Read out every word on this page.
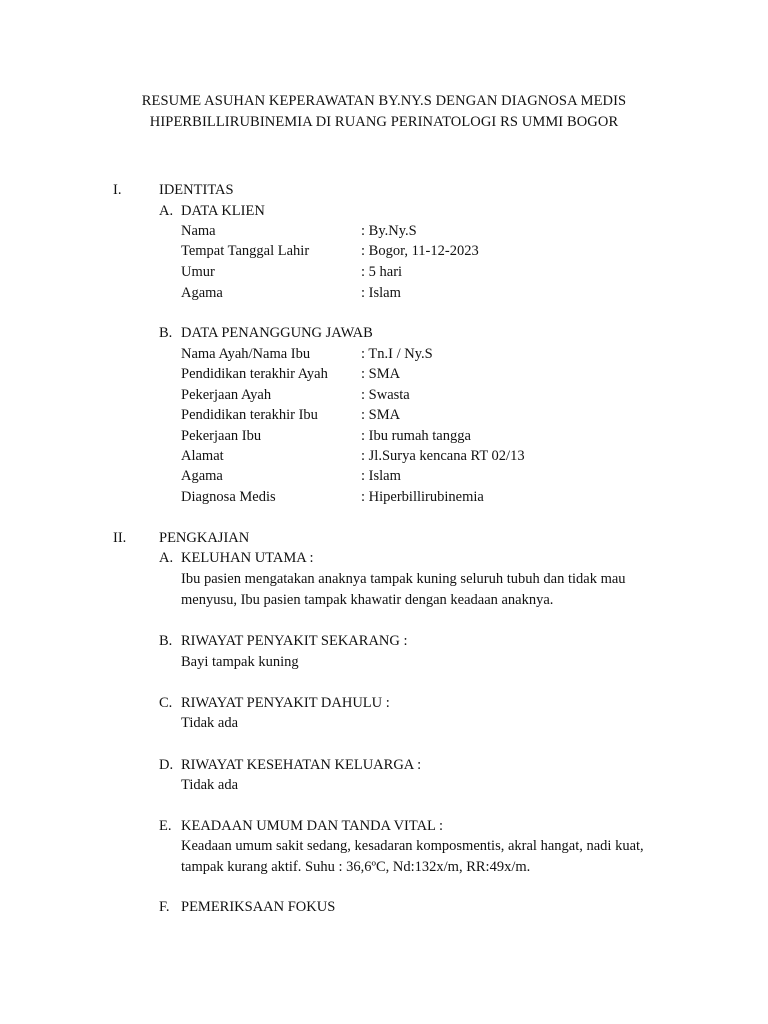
RESUME ASUHAN KEPERAWATAN BY.NY.S DENGAN DIAGNOSA MEDIS
HIPERBILLIRUBINEMIA DI RUANG PERINATOLOGI RS UMMI BOGOR
I.	IDENTITAS
A. DATA KLIEN
Nama	: By.Ny.S
Tempat Tanggal Lahir	: Bogor, 11-12-2023
Umur	: 5 hari
Agama	: Islam
B. DATA PENANGGUNG JAWAB
Nama Ayah/Nama Ibu	: Tn.I / Ny.S
Pendidikan terakhir Ayah : SMA
Pekerjaan Ayah	: Swasta
Pendidikan terakhir Ibu	: SMA
Pekerjaan Ibu	: Ibu rumah tangga
Alamat	: Jl.Surya kencana RT 02/13
Agama	: Islam
Diagnosa Medis	: Hiperbillirubinemia
II. PENGKAJIAN
A. KELUHAN UTAMA :
Ibu pasien mengatakan anaknya tampak kuning seluruh tubuh dan tidak mau menyusu, Ibu pasien tampak khawatir dengan keadaan anaknya.
B. RIWAYAT PENYAKIT SEKARANG :
Bayi tampak kuning
C. RIWAYAT PENYAKIT DAHULU :
Tidak ada
D. RIWAYAT KESEHATAN KELUARGA :
Tidak ada
E. KEADAAN UMUM DAN TANDA VITAL :
Keadaan umum sakit sedang, kesadaran komposmentis, akral hangat, nadi kuat, tampak kurang aktif. Suhu : 36,6ºC, Nd:132x/m, RR:49x/m.
F. PEMERIKSAAN FOKUS
